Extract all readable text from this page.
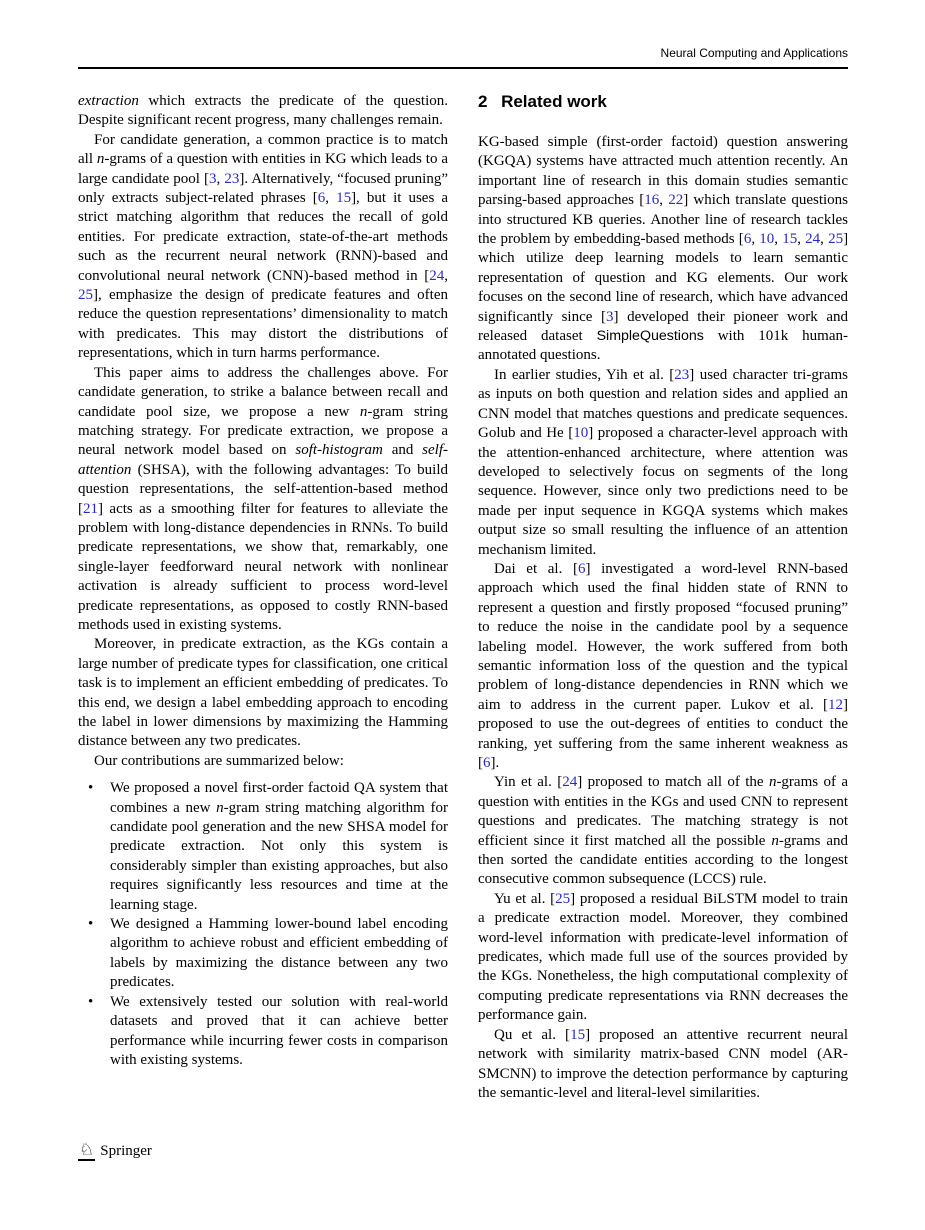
Neural Computing and Applications

extraction which extracts the predicate of the question. Despite significant recent progress, many challenges remain.

For candidate generation, a common practice is to match all n-grams of a question with entities in KG which leads to a large candidate pool [3, 23]. Alternatively, “focused pruning” only extracts subject-related phrases [6, 15], but it uses a strict matching algorithm that reduces the recall of gold entities. For predicate extraction, state-of-the-art methods such as the recurrent neural network (RNN)-based and convolutional neural network (CNN)-based method in [24, 25], emphasize the design of predicate features and often reduce the question representations’ dimensionality to match with predicates. This may distort the distributions of representations, which in turn harms performance.

This paper aims to address the challenges above. For candidate generation, to strike a balance between recall and candidate pool size, we propose a new n-gram string matching strategy. For predicate extraction, we propose a neural network model based on soft-histogram and self-attention (SHSA), with the following advantages: To build question representations, the self-attention-based method [21] acts as a smoothing filter for features to alleviate the problem with long-distance dependencies in RNNs. To build predicate representations, we show that, remarkably, one single-layer feedforward neural network with nonlinear activation is already sufficient to process word-level predicate representations, as opposed to costly RNN-based methods used in existing systems.

Moreover, in predicate extraction, as the KGs contain a large number of predicate types for classification, one critical task is to implement an efficient embedding of predicates. To this end, we design a label embedding approach to encoding the label in lower dimensions by maximizing the Hamming distance between any two predicates.

Our contributions are summarized below:

•	We proposed a novel first-order factoid QA system that combines a new n-gram string matching algorithm for candidate pool generation and the new SHSA model for predicate extraction. Not only this system is considerably simpler than existing approaches, but also requires significantly less resources and time at the learning stage.
•	We designed a Hamming lower-bound label encoding algorithm to achieve robust and efficient embedding of labels by maximizing the distance between any two predicates.
•	We extensively tested our solution with real-world datasets and proved that it can achieve better performance while incurring fewer costs in comparison with existing systems.
2 Related work

KG-based simple (first-order factoid) question answering (KGQA) systems have attracted much attention recently. An important line of research in this domain studies semantic parsing-based approaches [16, 22] which translate questions into structured KB queries. Another line of research tackles the problem by embedding-based methods [6, 10, 15, 24, 25] which utilize deep learning models to learn semantic representation of question and KG elements. Our work focuses on the second line of research, which have advanced significantly since [3] developed their pioneer work and released dataset SimpleQuestions with 101k human-annotated questions.

In earlier studies, Yih et al. [23] used character tri-grams as inputs on both question and relation sides and applied an CNN model that matches questions and predicate sequences. Golub and He [10] proposed a character-level approach with the attention-enhanced architecture, where attention was developed to selectively focus on segments of the long sequence. However, since only two predictions need to be made per input sequence in KGQA systems which makes output size so small resulting the influence of an attention mechanism limited.

Dai et al. [6] investigated a word-level RNN-based approach which used the final hidden state of RNN to represent a question and firstly proposed “focused pruning” to reduce the noise in the candidate pool by a sequence labeling model. However, the work suffered from both semantic information loss of the question and the typical problem of long-distance dependencies in RNN which we aim to address in the current paper. Lukov et al. [12] proposed to use the out-degrees of entities to conduct the ranking, yet suffering from the same inherent weakness as [6].

Yin et al. [24] proposed to match all of the n-grams of a question with entities in the KGs and used CNN to represent questions and predicates. The matching strategy is not efficient since it first matched all the possible n-grams and then sorted the candidate entities according to the longest consecutive common subsequence (LCCS) rule.

Yu et al. [25] proposed a residual BiLSTM model to train a predicate extraction model. Moreover, they combined word-level information with predicate-level information of predicates, which made full use of the sources provided by the KGs. Nonetheless, the high computational complexity of computing predicate representations via RNN decreases the performance gain.

Qu et al. [15] proposed an attentive recurrent neural network with similarity matrix-based CNN model (AR-SMCNN) to improve the detection performance by capturing the semantic-level and literal-level similarities.

♘ Springer
